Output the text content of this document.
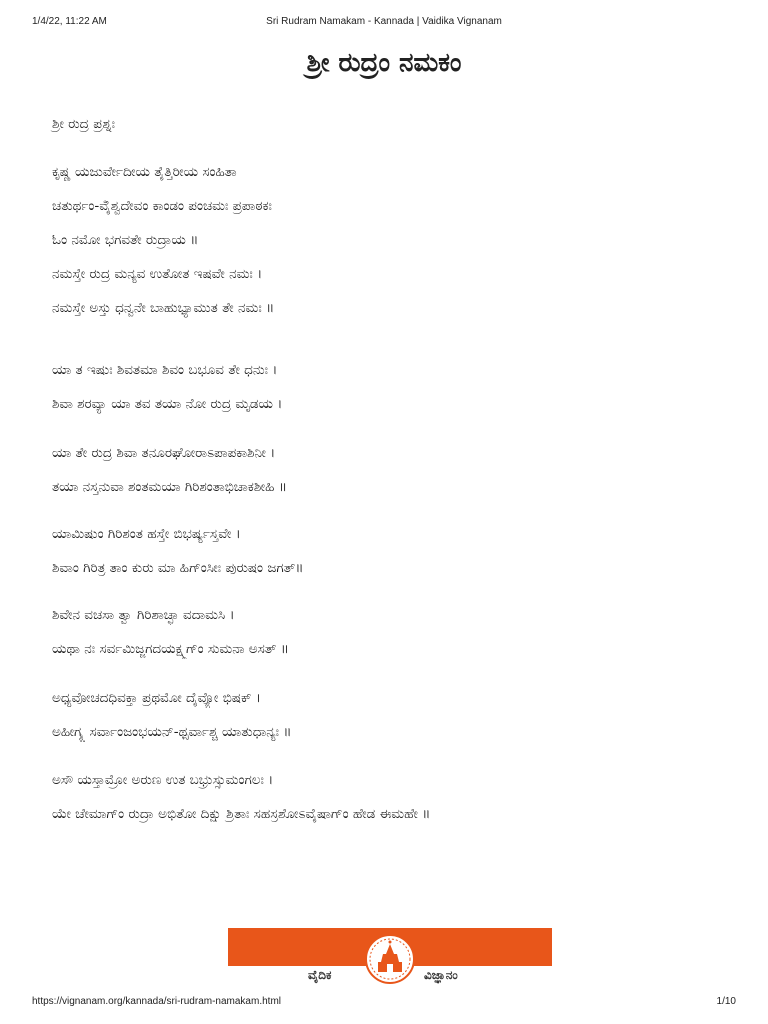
1/4/22, 11:22 AM	Sri Rudram Namakam - Kannada | Vaidika Vignanam
ಶ್ರೀ ರುದ್ರಂ ನಮಕಂ
ಶ್ರೀ ರುದ್ರ ಪ್ರಶ್ನಃ
ಕೃಷ್ಣ ಯಜುರ್ವೇದೀಯ ತೈತ್ತಿರೀಯ ಸಂಹಿತಾ
ಚತುರ್ಥಂ-ವೈಁಶ್ವದೇವಂ ಕಾಂಡಂ ಪಂಚಮಃ ಪ್ರಪಾಠಕಃ
ಓಂ ನಮೋ ಭಗವತೇ ರುದ್ರಾಯ ॥
ನಮಸ್ತೇ ರುದ್ರ ಮನ್ಯವ ಉತೋತ ಇಷವೇ ನಮಃ ।
ನಮಸ್ತೇ ಅಸ್ತು ಧನ್ವನೇ ಬಾಹುಭ್ಯಾಮುತ ತೇ ನಮಃ ॥
ಯಾ ತ ಇಷುಃ ಶಿವತಮಾ ಶಿವಂ ಬಭೂವ ತೇ ಧನುಃ ।
ಶಿವಾ ಶರವ್ಯಾ ಯಾ ತವ ತಯಾ ನೋ ರುದ್ರ ಮೃಡಯ ।
ಯಾ ತೇ ರುದ್ರ ಶಿವಾ ತನೂರಘೋರಾಽಪಾಪಕಾಶಿನೀ ।
ತಯಾ ನಸ್ತನುವಾ ಶಂತಮಯಾ ಗಿರಿಶಂತಾಭಿಚಾಕಶೀಹಿ ॥
ಯಾಮಿಷುಂ ಗಿರಿಶಂತ ಹಸ್ತೇ ಬಿಭರ್ಷ್ಯಸ್ತವೇ ।
ಶಿವಾಂ ಗಿರಿತ್ರ ತಾಂ ಕುರು ಮಾ ಹಿಗ್ಂಸೀಃ ಪುರುಷಂ ಜಗತ್॥
ಶಿವೇನ ವಚಸಾ ತ್ವಾ ಗಿರಿಶಾಚ್ಛಾ ವದಾಮಸಿ ।
ಯಥಾ ನಃ ಸರ್ವಮಿಜ್ಜಗದಯಕ್ಷ್ಮಗ್ಂ ಸುಮನಾ ಅಸತ್ ॥
ಅಧ್ಯವೋಚದಧಿವಕ್ತಾ ಪ್ರಥಮೋ ದೈವ್ಯೋ ಭಿಷಕ್ ।
ಅಹೀಗ್ಶ್ಚ ಸರ್ವಾಂಜಂಭಯನ್-ಥ್ಸರ್ವಾಶ್ಚ ಯಾತುಧಾನ್ಯಃ ॥
ಅಸೌ ಯಸ್ತಾಮ್ರೋ ಅರುಣ ಉತ ಬಭ್ರುಸ್ಸುಮಂಗಲಃ ।
ಯೇ ಚೇಮಾಗ್ಂ ರುದ್ರಾ ಅಭಿತೋ ದಿಕ್ಷು ಶ್ರಿತಾಃ ಸಹಸ್ರಶೋಽವೈಷಾಗ್ಂ ಹೇಡ ಈಮಹೇ ॥
ವೈದಿಕ	ವಿಜ್ಞಾನಂ
https://vignanam.org/kannada/sri-rudram-namakam.html	1/10
